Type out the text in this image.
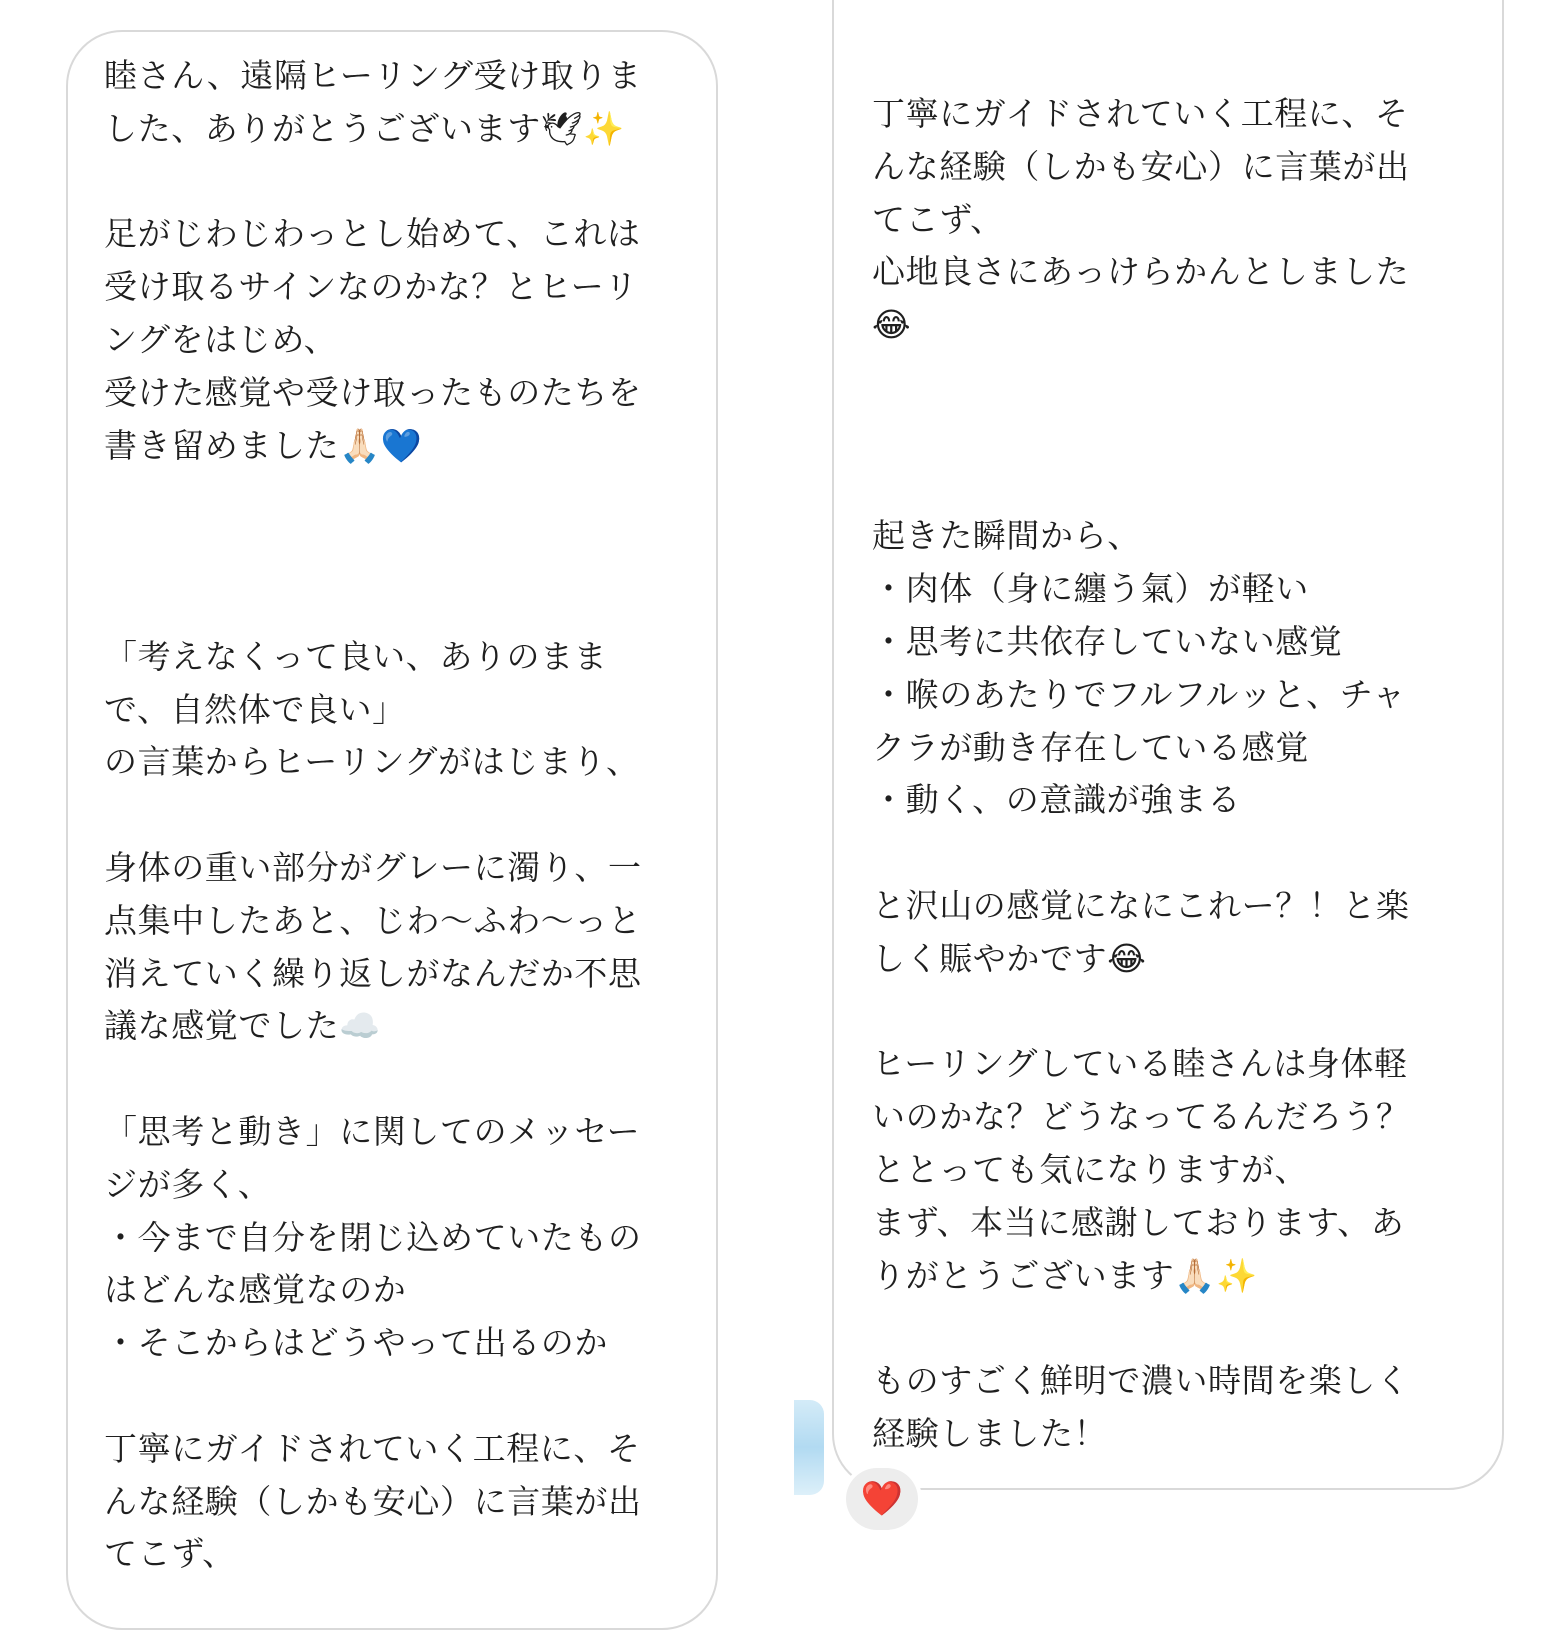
睦さん、遠隔ヒーリング受け取りま
した、ありがとうございます🕊✨

足がじわじわっとし始めて、これは
受け取るサインなのかな？とヒーリ
ングをはじめ、
受けた感覚や受け取ったものたちを
書き留めました🙏🏻💙

「考えなくって良い、ありのまま
で、自然体で良い」
の言葉からヒーリングがはじまり、

身体の重い部分がグレーに濁り、一
点集中したあと、じわ〜ふわ〜っと
消えていく繰り返しがなんだか不思
議な感覚でした☁️

「思考と動き」に関してのメッセー
ジが多く、
・今まで自分を閉じ込めていたもの
はどんな感覚なのか
・そこからはどうやって出るのか

丁寧にガイドされていく工程に、そ
んな経験（しかも安心）に言葉が出
てこず、

丁寧にガイドされていく工程に、そ
んな経験（しかも安心）に言葉が出
てこず、
心地良さにあっけらかんとしました
😂

起きた瞬間から、
・肉体（身に纏う氣）が軽い
・思考に共依存していない感覚
・喉のあたりでフルフルッと、チャ
クラが動き存在している感覚
・動く、の意識が強まる

と沢山の感覚になにこれー？！と楽
しく賑やかです😂

ヒーリングしている睦さんは身体軽
いのかな？どうなってるんだろう？
ととっても気になりますが、
まず、本当に感謝しております、あ
りがとうございます🙏🏻✨

ものすごく鮮明で濃い時間を楽しく
経験しました！

❤️
